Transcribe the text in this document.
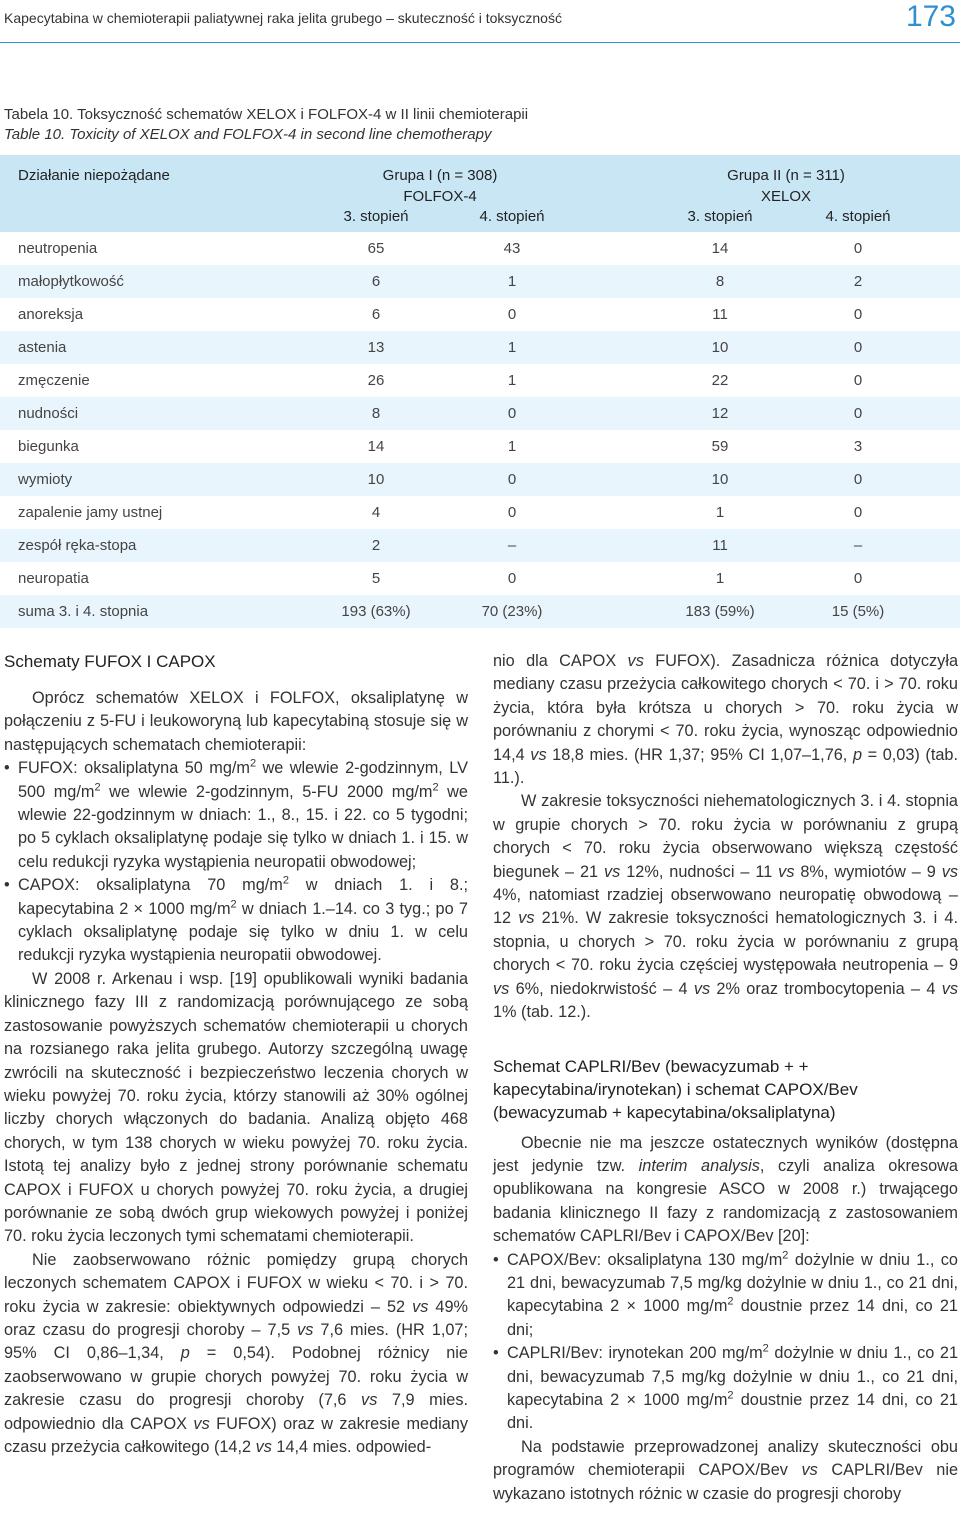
Kapecytabina w chemioterapii paliatywnej raka jelita grubego – skuteczność i toksyczność	173
Tabela 10. Toksyczność schematów XELOX i FOLFOX-4 w II linii chemioterapii
Table 10. Toxicity of XELOX and FOLFOX-4 in second line chemotherapy
Działanie niepożądane	Grupa I (n = 308)
FOLFOX-4
Grupa II (n = 311)
XELOX
3. stopień	4. stopień	3. stopień	4. stopień
neutropenia	65	43	14	0
małopłytkowość	6	1	8	2
anoreksja	6	0	11	0
astenia	13	1	10	0
zmęczenie	26	1	22	0
nudności	8	0	12	0
biegunka	14	1	59	3
wymioty	10	0	10	0
zapalenie jamy ustnej	4	0	1	0
zespół ręka-stopa	2	–	11	–
neuropatia	5	0	1	0
suma 3. i 4. stopnia	193 (63%)	70 (23%)	183 (59%)	15 (5%)
Schematy FUFOX I CAPOX

Oprócz schematów XELOX i FOLFOX, oksaliplatynę w połączeniu z 5-FU i leukoworyną lub kapecytabiną stosuje się w następujących schematach chemioterapii:

• FUFOX: oksaliplatyna 50 $mg/m^2$ we wlewie 2-godzinnym, LV 500 $mg/m^2$ we wlewie 2-godzinnym, 5-FU 2000 $mg/m^2$ we wlewie 22-godzinnym w dniach: 1., 8., 15. i 22. co 5 tygodni; po 5 cyklach oksaliplatynę podaje się tylko w dniach 1. i 15. w celu redukcji ryzyka wystąpienia neuropatii obwodowej;

• CAPOX: oksaliplatyna 70 $mg/m^2$ w dniach 1. i 8.; kapecytabina 2 × 1000 $mg/m^2$ w dniach 1.–14. co 3 tyg.; po 7 cyklach oksaliplatynę podaje się tylko w dniu 1. w celu redukcji ryzyka wystąpienia neuropatii obwodowej.

W 2008 r. Arkenau i wsp. [19] opublikowali wyniki badania klinicznego fazy III z randomizacją porównującego ze sobą zastosowanie powyższych schematów chemioterapii u chorych na rozsianego raka jelita grubego. Autorzy szczególną uwagę zwrócili na skuteczność i bezpieczeństwo leczenia chorych w wieku powyżej 70. roku życia, którzy stanowili aż 30% ogólnej liczby chorych włączonych do badania. Analizą objęto 468 chorych, w tym 138 chorych w wieku powyżej 70. roku życia. Istotą tej analizy było z jednej strony porównanie schematu CAPOX i FUFOX u chorych powyżej 70. roku życia, a drugiej porównanie ze sobą dwóch grup wiekowych powyżej i poniżej 70. roku życia leczonych tymi schematami chemioterapii.

Nie zaobserwowano różnic pomiędzy grupą chorych leczonych schematem CAPOX i FUFOX w wieku < 70. i > 70. roku życia w zakresie: obiektywnych odpowiedzi – 52 vs 49% oraz czasu do progresji choroby – 7,5 vs 7,6 mies. (HR 1,07; 95% CI 0,86–1,34, p = 0,54). Podobnej różnicy nie zaobserwowano w grupie chorych powyżej 70. roku życia w zakresie czasu do progresji choroby (7,6 vs 7,9 mies. odpowiednio dla CAPOX vs FUFOX) oraz w zakresie mediany czasu przeżycia całkowitego (14,2 vs 14,4 mies. odpowied-

nio dla CAPOX vs FUFOX). Zasadnicza różnica dotyczyła mediany czasu przeżycia całkowitego chorych < 70. i > 70. roku życia, która była krótsza u chorych > 70. roku życia w porównaniu z chorymi < 70. roku życia, wynosząc odpowiednio 14,4 vs 18,8 mies. (HR 1,37; 95% CI 1,07–1,76, p = 0,03) (tab. 11.).

W zakresie toksyczności niehematologicznych 3. i 4. stopnia w grupie chorych > 70. roku życia w porównaniu z grupą chorych < 70. roku życia obserwowano większą częstość biegunek – 21 vs 12%, nudności – 11 vs 8%, wymiotów – 9 vs 4%, natomiast rzadziej obserwowano neuropatię obwodową – 12 vs 21%. W zakresie toksyczności hematologicznych 3. i 4. stopnia, u chorych > 70. roku życia w porównaniu z grupą chorych < 70. roku życia częściej występowała neutropenia – 9 vs 6%, niedokrwistość – 4 vs 2% oraz trombocytopenia – 4 vs 1% (tab. 12.).

Schemat CAPLRI/Bev (bewacyzumab + + kapecytabina/irynotekan) i schemat CAPOX/Bev (bewacyzumab + kapecytabina/oksaliplatyna)

Obecnie nie ma jeszcze ostatecznych wyników (dostępna jest jedynie tzw. interim analysis, czyli analiza okresowa opublikowana na kongresie ASCO w 2008 r.) trwającego badania klinicznego II fazy z randomizacją z zastosowaniem schematów CAPLRI/Bev i CAPOX/Bev [20]:

• CAPOX/Bev: oksaliplatyna 130 $mg/m^2$ dożylnie w dniu 1., co 21 dni, bewacyzumab 7,5 mg/kg dożylnie w dniu 1., co 21 dni, kapecytabina 2 × 1000 $mg/m^2$ doustnie przez 14 dni, co 21 dni;

• CAPLRI/Bev: irynotekan 200 $mg/m^2$ dożylnie w dniu 1., co 21 dni, bewacyzumab 7,5 mg/kg dożylnie w dniu 1., co 21 dni, kapecytabina 2 × 1000 $mg/m^2$ doustnie przez 14 dni, co 21 dni.

Na podstawie przeprowadzonej analizy skuteczności obu programów chemioterapii CAPOX/Bev vs CAPLRI/Bev nie wykazano istotnych różnic w czasie do progresji choroby
